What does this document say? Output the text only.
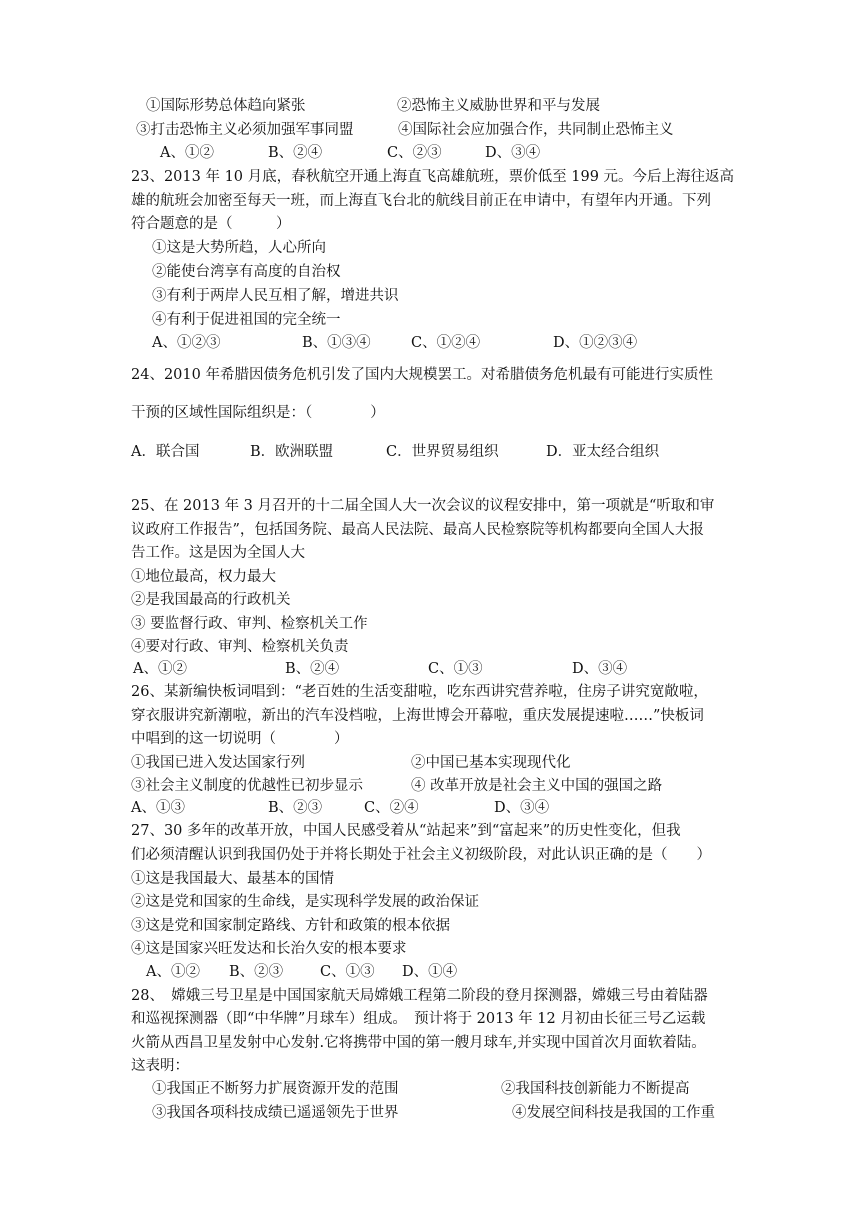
①国际形势总体趋向紧张	②恐怖主义威胁世界和平与发展
③打击恐怖主义必须加强军事同盟	④国际社会应加强合作，共同制止恐怖主义
A、①②	B、②④	C、②③	D、③④
23、2013 年 10 月底，春秋航空开通上海直飞高雄航班，票价低至 199 元。今后上海往返高
雄的航班会加密至每天一班，而上海直飞台北的航线目前正在申请中，有望年内开通。下列
符合题意的是（　　　）
①这是大势所趋，人心所向
②能使台湾享有高度的自治权
③有利于两岸人民互相了解，增进共识
④有利于促进祖国的完全统一
A、①②③	B、①③④	C、①②④	D、①②③④
24、2010 年希腊因债务危机引发了国内大规模罢工。对希腊债务危机最有可能进行实质性
干预的区域性国际组织是：（　　　　）
A．联合国	B．欧洲联盟	C．世界贸易组织	D．亚太经合组织
25、在 2013 年 3 月召开的十二届全国人大一次会议的议程安排中，第一项就是“听取和审
议政府工作报告”，包括国务院、最高人民法院、最高人民检察院等机构都要向全国人大报
告工作。这是因为全国人大
①地位最高，权力最大
②是我国最高的行政机关
③ 要监督行政、审判、检察机关工作
④要对行政、审判、检察机关负责
A、①②	B、②④	C、①③	D、③④
26、某新编快板词唱到：“老百姓的生活变甜啦，吃东西讲究营养啦，住房子讲究宽敞啦，
穿衣服讲究新潮啦，新出的汽车没档啦，上海世博会开幕啦，重庆发展提速啦……”快板词
中唱到的这一切说明（　　　　）
①我国已进入发达国家行列	②中国已基本实现现代化
③社会主义制度的优越性已初步显示	④ 改革开放是社会主义中国的强国之路
A、①③	B、②③	C、②④	D、③④
27、30 多年的改革开放，中国人民感受着从“站起来”到“富起来”的历史性变化，但我
们必须清醒认识到我国仍处于并将长期处于社会主义初级阶段，对此认识正确的是（　　）
①这是我国最大、最基本的国情
②这是党和国家的生命线，是实现科学发展的政治保证
③这是党和国家制定路线、方针和政策的根本依据
④这是国家兴旺发达和长治久安的根本要求
A、①② B、②③	C、①③ D、①④
28、　嫦娥三号卫星是中国国家航天局嫦娥工程第二阶段的登月探测器，嫦娥三号由着陆器
和巡视探测器（即“中华牌”月球车）组成。　预计将于 2013 年 12 月初由长征三号乙运载
火箭从西昌卫星发射中心发射.它将携带中国的第一艘月球车,并实现中国首次月面软着陆。
这表明：
①我国正不断努力扩展资源开发的范围	②我国科技创新能力不断提高
③我国各项科技成绩已遥遥领先于世界	④发展空间科技是我国的工作重
